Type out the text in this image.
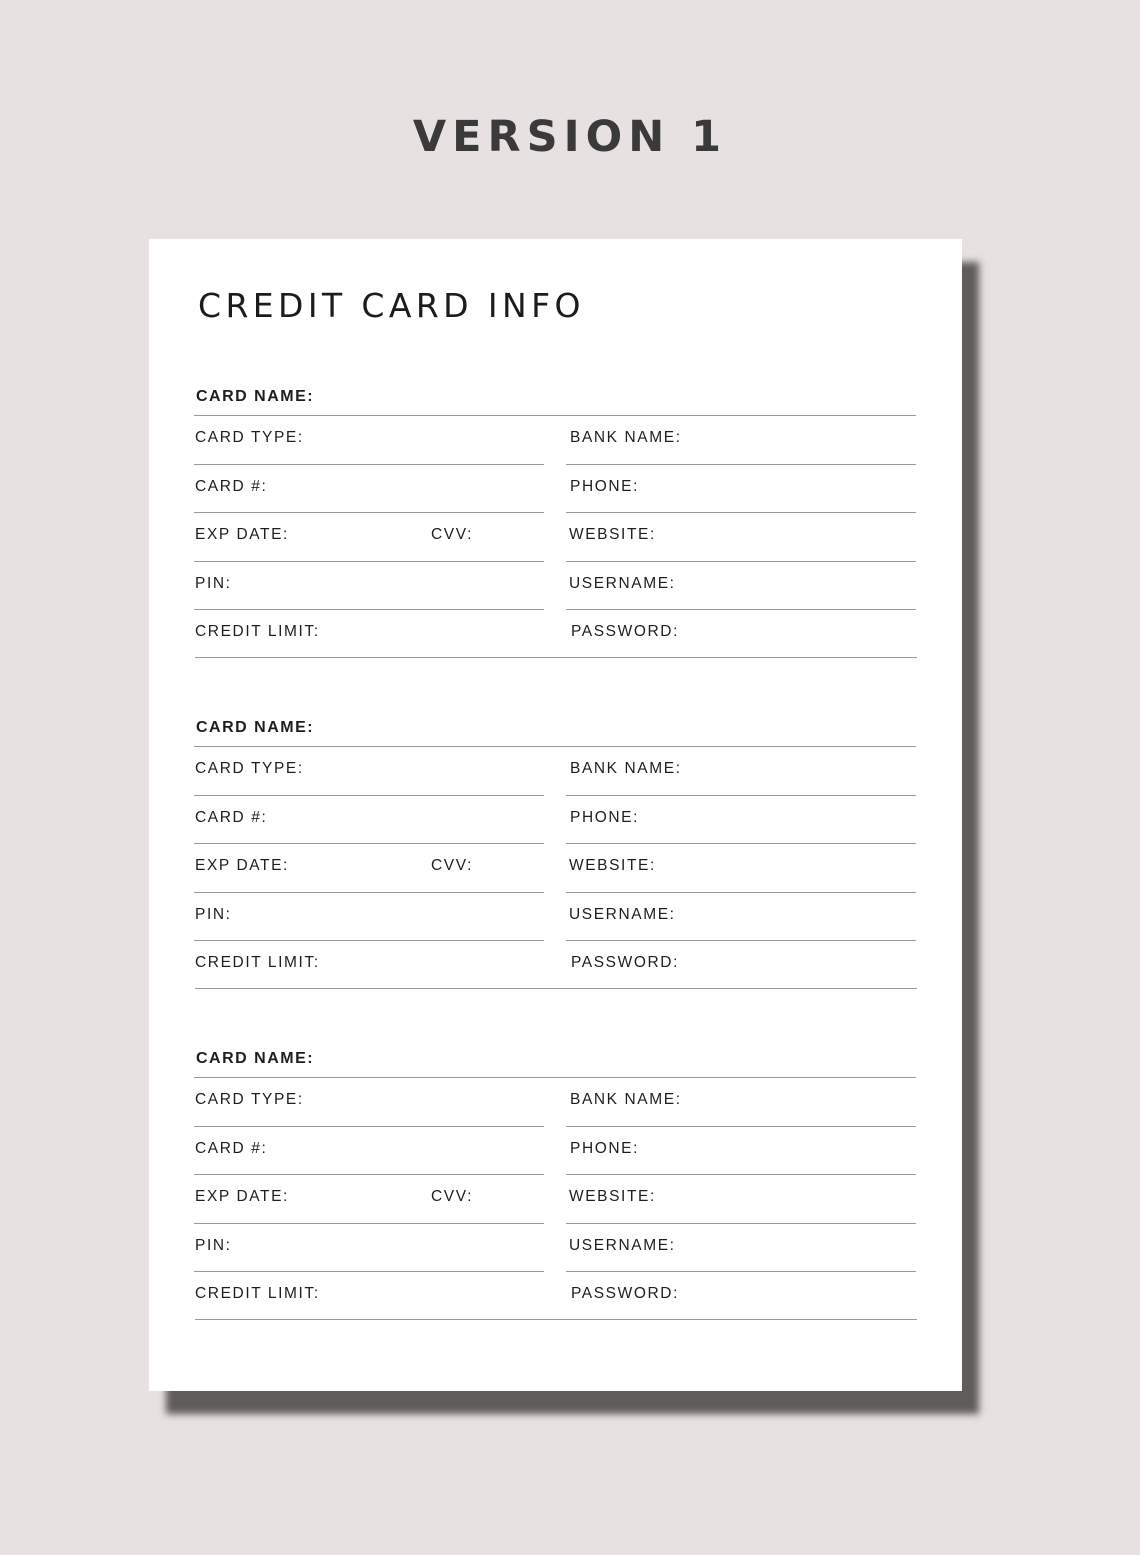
VERSION 1
CREDIT CARD INFO
CARD NAME:
CARD TYPE:	BANK NAME:
CARD #:	PHONE:
EXP DATE:	CVV:	WEBSITE:
PIN:	USERNAME:
CREDIT LIMIT:	PASSWORD:
CARD NAME:
CARD TYPE:	BANK NAME:
CARD #:	PHONE:
EXP DATE:	CVV:	WEBSITE:
PIN:	USERNAME:
CREDIT LIMIT:	PASSWORD:
CARD NAME:
CARD TYPE:	BANK NAME:
CARD #:	PHONE:
EXP DATE:	CVV:	WEBSITE:
PIN:	USERNAME:
CREDIT LIMIT:	PASSWORD:
